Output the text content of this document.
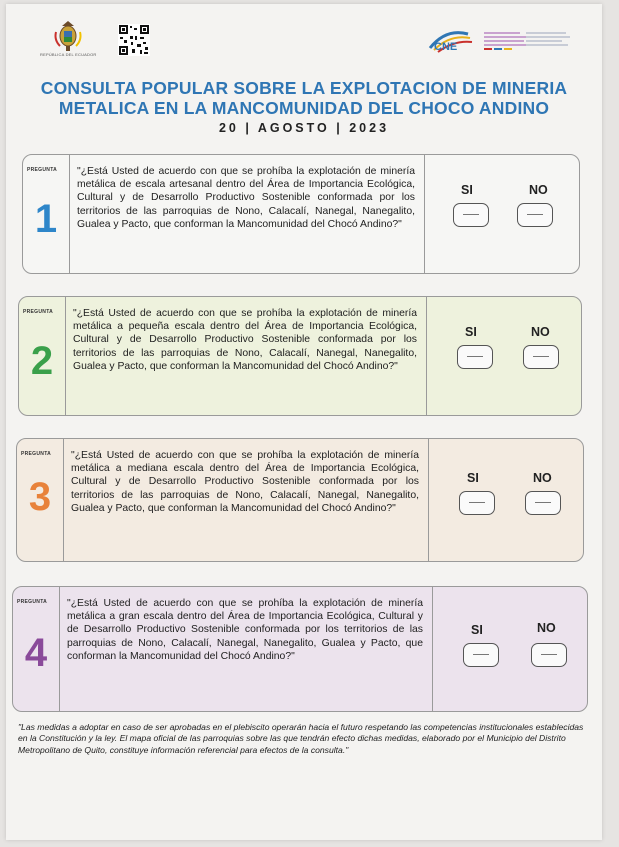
REPÚBLICA DEL ECUADOR
CNE
CONSULTA POPULAR SOBRE LA EXPLOTACION DE MINERIA
METALICA EN LA MANCOMUNIDAD DEL CHOCO ANDINO
20 | AGOSTO | 2023
PREGUNTA
1
"¿Está Usted de acuerdo con que se prohíba la explotación de minería metálica de escala artesanal dentro del Área de Importancia Ecológica, Cultural y de Desarrollo Productivo Sostenible conformada por los territorios de las parroquias de Nono, Calacalí, Nanegal, Nanegalito, Gualea y Pacto, que conforman la Mancomunidad del Chocó Andino?"
SI	NO
PREGUNTA
2
"¿Está Usted de acuerdo con que se prohíba la explotación de minería metálica a pequeña escala dentro del Área de Importancia Ecológica, Cultural y de Desarrollo Productivo Sostenible conformada por los territorios de las parroquias de Nono, Calacalí, Nanegal, Nanegalito, Gualea y Pacto, que conforman la Mancomunidad del Chocó Andino?"
SI	NO
PREGUNTA
3
"¿Está Usted de acuerdo con que se prohíba la explotación de minería metálica a mediana escala dentro del Área de Importancia Ecológica, Cultural y de Desarrollo Productivo Sostenible conformada por los territorios de las parroquias de Nono, Calacalí, Nanegal, Nanegalito, Gualea y Pacto, que conforman la Mancomunidad del Chocó Andino?"
SI	NO
PREGUNTA
4
"¿Está Usted de acuerdo con que se prohíba la explotación de minería metálica a gran escala dentro del Área de Importancia Ecológica, Cultural y de Desarrollo Productivo Sostenible conformada por los territorios de las parroquias de Nono, Calacalí, Nanegal, Nanegalito, Gualea y Pacto, que conforman la Mancomunidad del Chocó Andino?"
SI	NO
"Las medidas a adoptar en caso de ser aprobadas en el plebiscito operarán hacia el futuro respetando las competencias institucionales establecidas en la Constitución y la ley. El mapa oficial de las parroquias sobre las que tendrán efecto dichas medidas, elaborado por el Municipio del Distrito Metropolitano de Quito, constituye información referencial para efectos de la consulta."
